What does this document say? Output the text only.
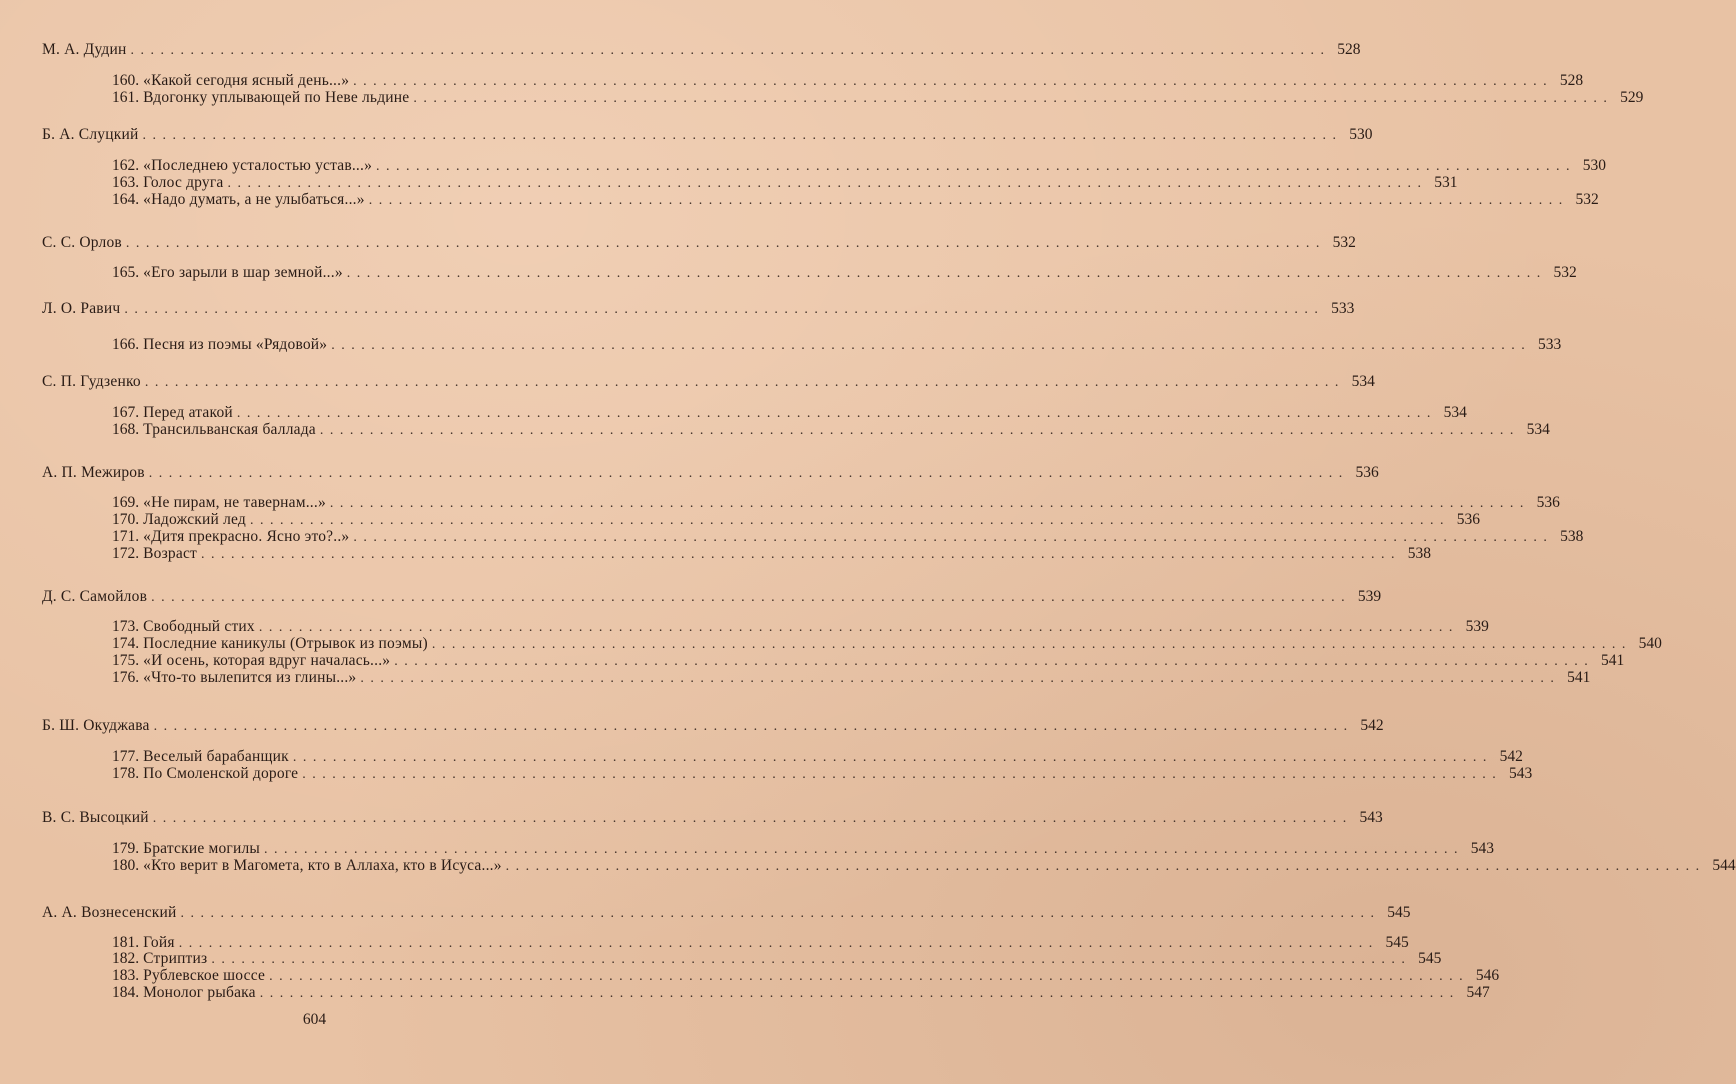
М. А. Дудин ........................................................................................................................ 528
160. «Какой сегодня ясный день...» ........................................................................................................................ 528
161. Вдогонку уплывающей по Неве льдине ........................................................................................................................ 529
Б. А. Слуцкий ........................................................................................................................ 530
162. «Последнею усталостью устав...» ........................................................................................................................ 530
163. Голос друга ........................................................................................................................ 531
164. «Надо думать, а не улыбаться...» ........................................................................................................................ 532
С. С. Орлов ........................................................................................................................ 532
165. «Его зарыли в шар земной...» ........................................................................................................................ 532
Л. О. Равич ........................................................................................................................ 533
166. Песня из поэмы «Рядовой» ........................................................................................................................ 533
С. П. Гудзенко ........................................................................................................................ 534
167. Перед атакой ........................................................................................................................ 534
168. Трансильванская баллада ........................................................................................................................ 534
А. П. Межиров ........................................................................................................................ 536
169. «Не пирам, не тавернам...» ........................................................................................................................ 536
170. Ладожский лед ........................................................................................................................ 536
171. «Дитя прекрасно. Ясно это?..» ........................................................................................................................ 538
172. Возраст ........................................................................................................................ 538
Д. С. Самойлов ........................................................................................................................ 539
173. Свободный стих ........................................................................................................................ 539
174. Последние каникулы (Отрывок из поэмы) ........................................................................................................................ 540
175. «И осень, которая вдруг началась...» ........................................................................................................................ 541
176. «Что-то вылепится из глины...» ........................................................................................................................ 541
Б. Ш. Окуджава ........................................................................................................................ 542
177. Веселый барабанщик ........................................................................................................................ 542
178. По Смоленской дороге ........................................................................................................................ 543
В. С. Высоцкий ........................................................................................................................ 543
179. Братские могилы ........................................................................................................................ 543
180. «Кто верит в Магомета, кто в Аллаха, кто в Исуса...» ........................................................................................................................ 544
А. А. Вознесенский ........................................................................................................................ 545
181. Гойя ........................................................................................................................ 545
182. Стриптиз ........................................................................................................................ 545
183. Рублевское шоссе ........................................................................................................................ 546
184. Монолог рыбака ........................................................................................................................ 547
604
